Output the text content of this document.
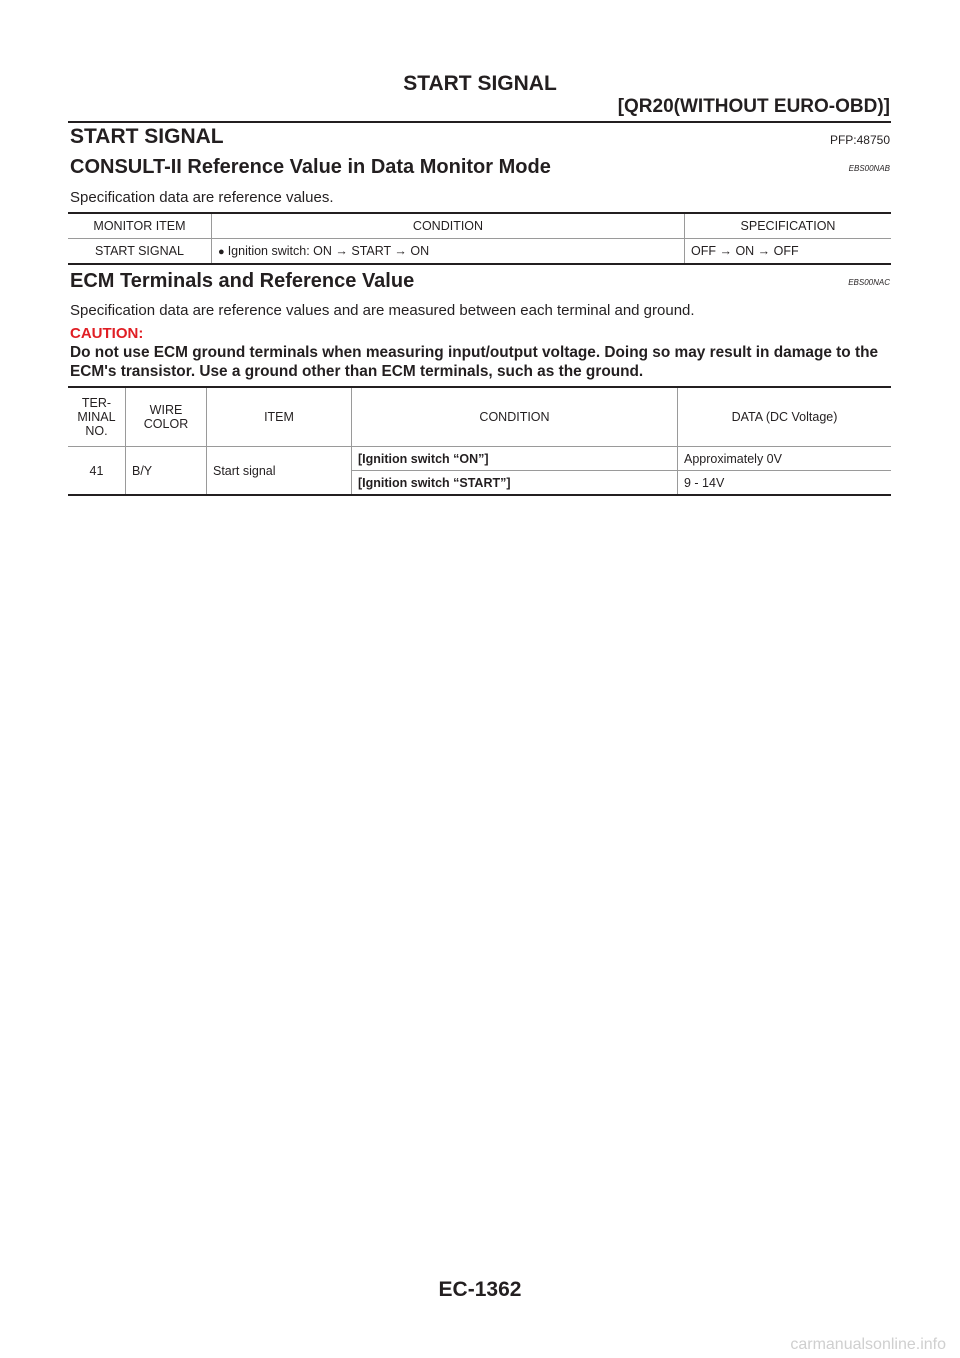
START SIGNAL
[QR20(WITHOUT EURO-OBD)]
START SIGNAL	PFP:48750
CONSULT-II Reference Value in Data Monitor Mode	EBS00NAB
Specification data are reference values.
MONITOR ITEM	CONDITION	SPECIFICATION
START SIGNAL	● Ignition switch: ON → START → ON	OFF → ON → OFF
ECM Terminals and Reference Value	EBS00NAC
Specification data are reference values and are measured between each terminal and ground.
CAUTION:
Do not use ECM ground terminals when measuring input/output voltage. Doing so may result in damage to the ECM's transistor. Use a ground other than ECM terminals, such as the ground.
TER-
MINAL
NO.	WIRE
COLOR	ITEM	CONDITION	DATA (DC Voltage)
41	B/Y	Start signal	[Ignition switch “ON”]	Approximately 0V
			[Ignition switch “START”]	9 - 14V
EC-1362
carmanualsonline.info
